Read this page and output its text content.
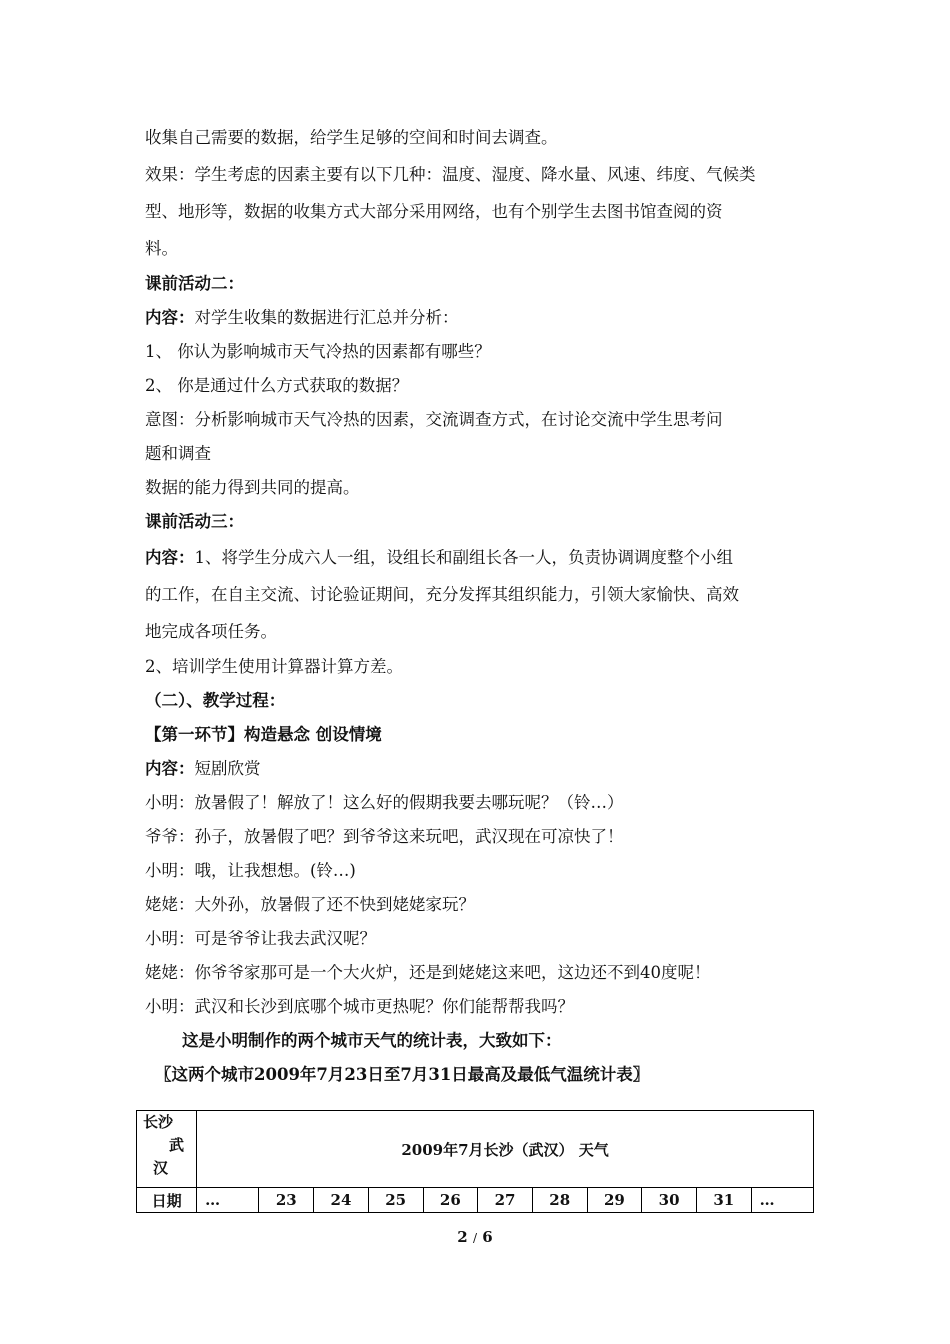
收集自己需要的数据，给学生足够的空间和时间去调查。
效果：学生考虑的因素主要有以下几种：温度、湿度、降水量、风速、纬度、气候类
型、地形等，数据的收集方式大部分采用网络，也有个别学生去图书馆查阅的资
料。
课前活动二：
内容：对学生收集的数据进行汇总并分析：
1、 你认为影响城市天气冷热的因素都有哪些？
2、 你是通过什么方式获取的数据？
意图：分析影响城市天气冷热的因素，交流调查方式，在讨论交流中学生思考问
题和调查
数据的能力得到共同的提高。
课前活动三：
内容：1、将学生分成六人一组，设组长和副组长各一人，负责协调调度整个小组
的工作，在自主交流、讨论验证期间，充分发挥其组织能力，引领大家愉快、高效
地完成各项任务。
2、培训学生使用计算器计算方差。
（二）、教学过程：
【第一环节】构造悬念 创设情境
内容：短剧欣赏
小明：放暑假了！解放了！这么好的假期我要去哪玩呢？（铃…）
爷爷：孙子，放暑假了吧？到爷爷这来玩吧，武汉现在可凉快了！
小明：哦，让我想想。(铃…)
姥姥：大外孙，放暑假了还不快到姥姥家玩？
小明：可是爷爷让我去武汉呢？
姥姥：你爷爷家那可是一个大火炉，还是到姥姥这来吧，这边还不到40度呢！
小明：武汉和长沙到底哪个城市更热呢？你们能帮帮我吗？
这是小明制作的两个城市天气的统计表，大致如下：
〖这两个城市2009年7月23日至7月31日最高及最低气温统计表〗
长沙
武
汉	2009年7月长沙（武汉） 天气										
日期	…	23	24	25	26	27	28	29	30	31	…
2 / 6
